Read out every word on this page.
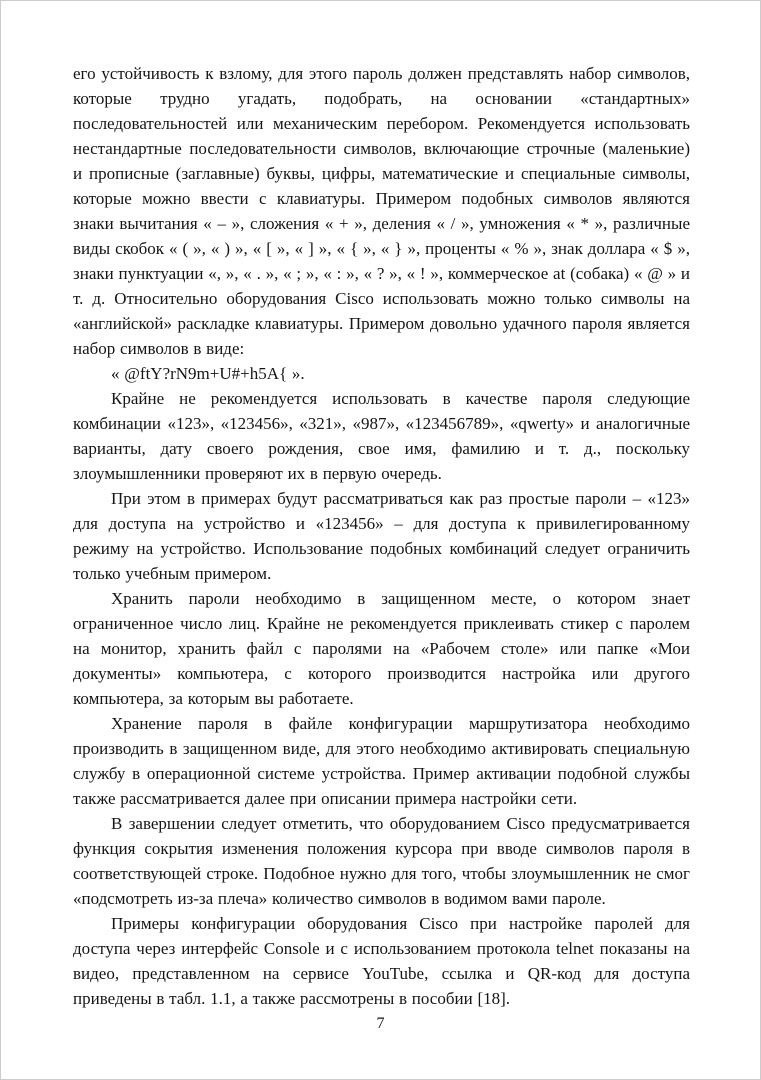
его устойчивость к взлому, для этого пароль должен представлять набор символов, которые трудно угадать, подобрать, на основании «стандартных» последовательностей или механическим перебором. Рекомендуется использовать нестандартные последовательности символов, включающие строчные (маленькие) и прописные (заглавные) буквы, цифры, математические и специальные символы, которые можно ввести с клавиатуры. Примером подобных символов являются знаки вычитания « – », сложения « + », деления « / », умножения « * », различные виды скобок « ( », « ) », « [ », « ] », « { », « } », проценты « % », знак доллара « $ », знаки пунктуации «, », « . », « ; », « : », « ? », « ! », коммерческое at (собака) « @ » и т. д. Относительно оборудования Cisco использовать можно только символы на «английской» раскладке клавиатуры. Примером довольно удачного пароля является набор символов в виде:

« @ftY?rN9m+U#+h5A{ ».

Крайне не рекомендуется использовать в качестве пароля следующие комбинации «123», «123456», «321», «987», «123456789», «qwerty» и аналогичные варианты, дату своего рождения, свое имя, фамилию и т. д., поскольку злоумышленники проверяют их в первую очередь.

При этом в примерах будут рассматриваться как раз простые пароли – «123» для доступа на устройство и «123456» – для доступа к привилегированному режиму на устройство. Использование подобных комбинаций следует ограничить только учебным примером.

Хранить пароли необходимо в защищенном месте, о котором знает ограниченное число лиц. Крайне не рекомендуется приклеивать стикер с паролем на монитор, хранить файл с паролями на «Рабочем столе» или папке «Мои документы» компьютера, с которого производится настройка или другого компьютера, за которым вы работаете.

Хранение пароля в файле конфигурации маршрутизатора необходимо производить в защищенном виде, для этого необходимо активировать специальную службу в операционной системе устройства. Пример активации подобной службы также рассматривается далее при описании примера настройки сети.

В завершении следует отметить, что оборудованием Cisco предусматривается функция сокрытия изменения положения курсора при вводе символов пароля в соответствующей строке. Подобное нужно для того, чтобы злоумышленник не смог «подсмотреть из-за плеча» количество символов в водимом вами пароле.

Примеры конфигурации оборудования Cisco при настройке паролей для доступа через интерфейс Console и с использованием протокола telnet показаны на видео, представленном на сервисе YouTube, ссылка и QR-код для доступа приведены в табл. 1.1, а также рассмотрены в пособии [18].

7
